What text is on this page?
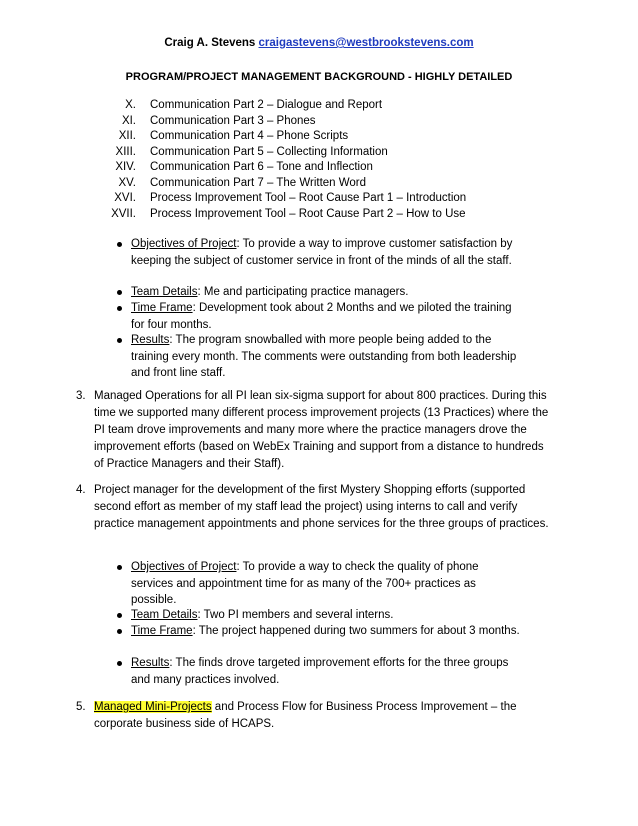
Craig A. Stevens craigastevens@westbrookstevens.com
PROGRAM/PROJECT MANAGEMENT BACKGROUND - HIGHLY DETAILED
X. Communication Part 2 – Dialogue and Report
XI. Communication Part 3 – Phones
XII. Communication Part 4 – Phone Scripts
XIII. Communication Part 5 – Collecting Information
XIV. Communication Part 6 – Tone and Inflection
XV. Communication Part 7 – The Written Word
XVI. Process Improvement Tool – Root Cause Part 1 – Introduction
XVII. Process Improvement Tool – Root Cause Part 2 – How to Use
Objectives of Project: To provide a way to improve customer satisfaction by keeping the subject of customer service in front of the minds of all the staff.
Team Details: Me and participating practice managers.
Time Frame: Development took about 2 Months and we piloted the training for four months.
Results: The program snowballed with more people being added to the training every month. The comments were outstanding from both leadership and front line staff.
3. Managed Operations for all PI lean six-sigma support for about 800 practices. During this time we supported many different process improvement projects (13 Practices) where the PI team drove improvements and many more where the practice managers drove the improvement efforts (based on WebEx Training and support from a distance to hundreds of Practice Managers and their Staff).
4. Project manager for the development of the first Mystery Shopping efforts (supported second effort as member of my staff lead the project) using interns to call and verify practice management appointments and phone services for the three groups of practices.
Objectives of Project: To provide a way to check the quality of phone services and appointment time for as many of the 700+ practices as possible.
Team Details: Two PI members and several interns.
Time Frame: The project happened during two summers for about 3 months.
Results: The finds drove targeted improvement efforts for the three groups and many practices involved.
5. Managed Mini-Projects and Process Flow for Business Process Improvement – the corporate business side of HCAPS.
